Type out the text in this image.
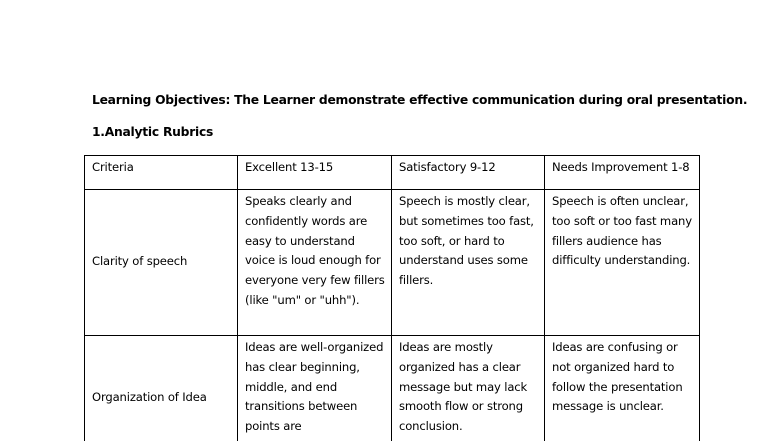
Learning Objectives: The Learner demonstrate effective communication during oral presentation.
1.Analytic Rubrics
Criteria	Excellent 13-15	Satisfactory 9-12	Needs Improvement 1-8
Clarity of speech	Speaks clearly and confidently words are easy to understand voice is loud enough for everyone very few fillers (like "um" or "uhh").	Speech is mostly clear, but sometimes too fast, too soft, or hard to understand uses some fillers.	Speech is often unclear, too soft or too fast many fillers audience has difficulty understanding.
Organization of Idea	Ideas are well-organized has clear beginning, middle, and end transitions between points are	Ideas are mostly organized has a clear message but may lack smooth flow or strong conclusion.	Ideas are confusing or not organized hard to follow the presentation message is unclear.
